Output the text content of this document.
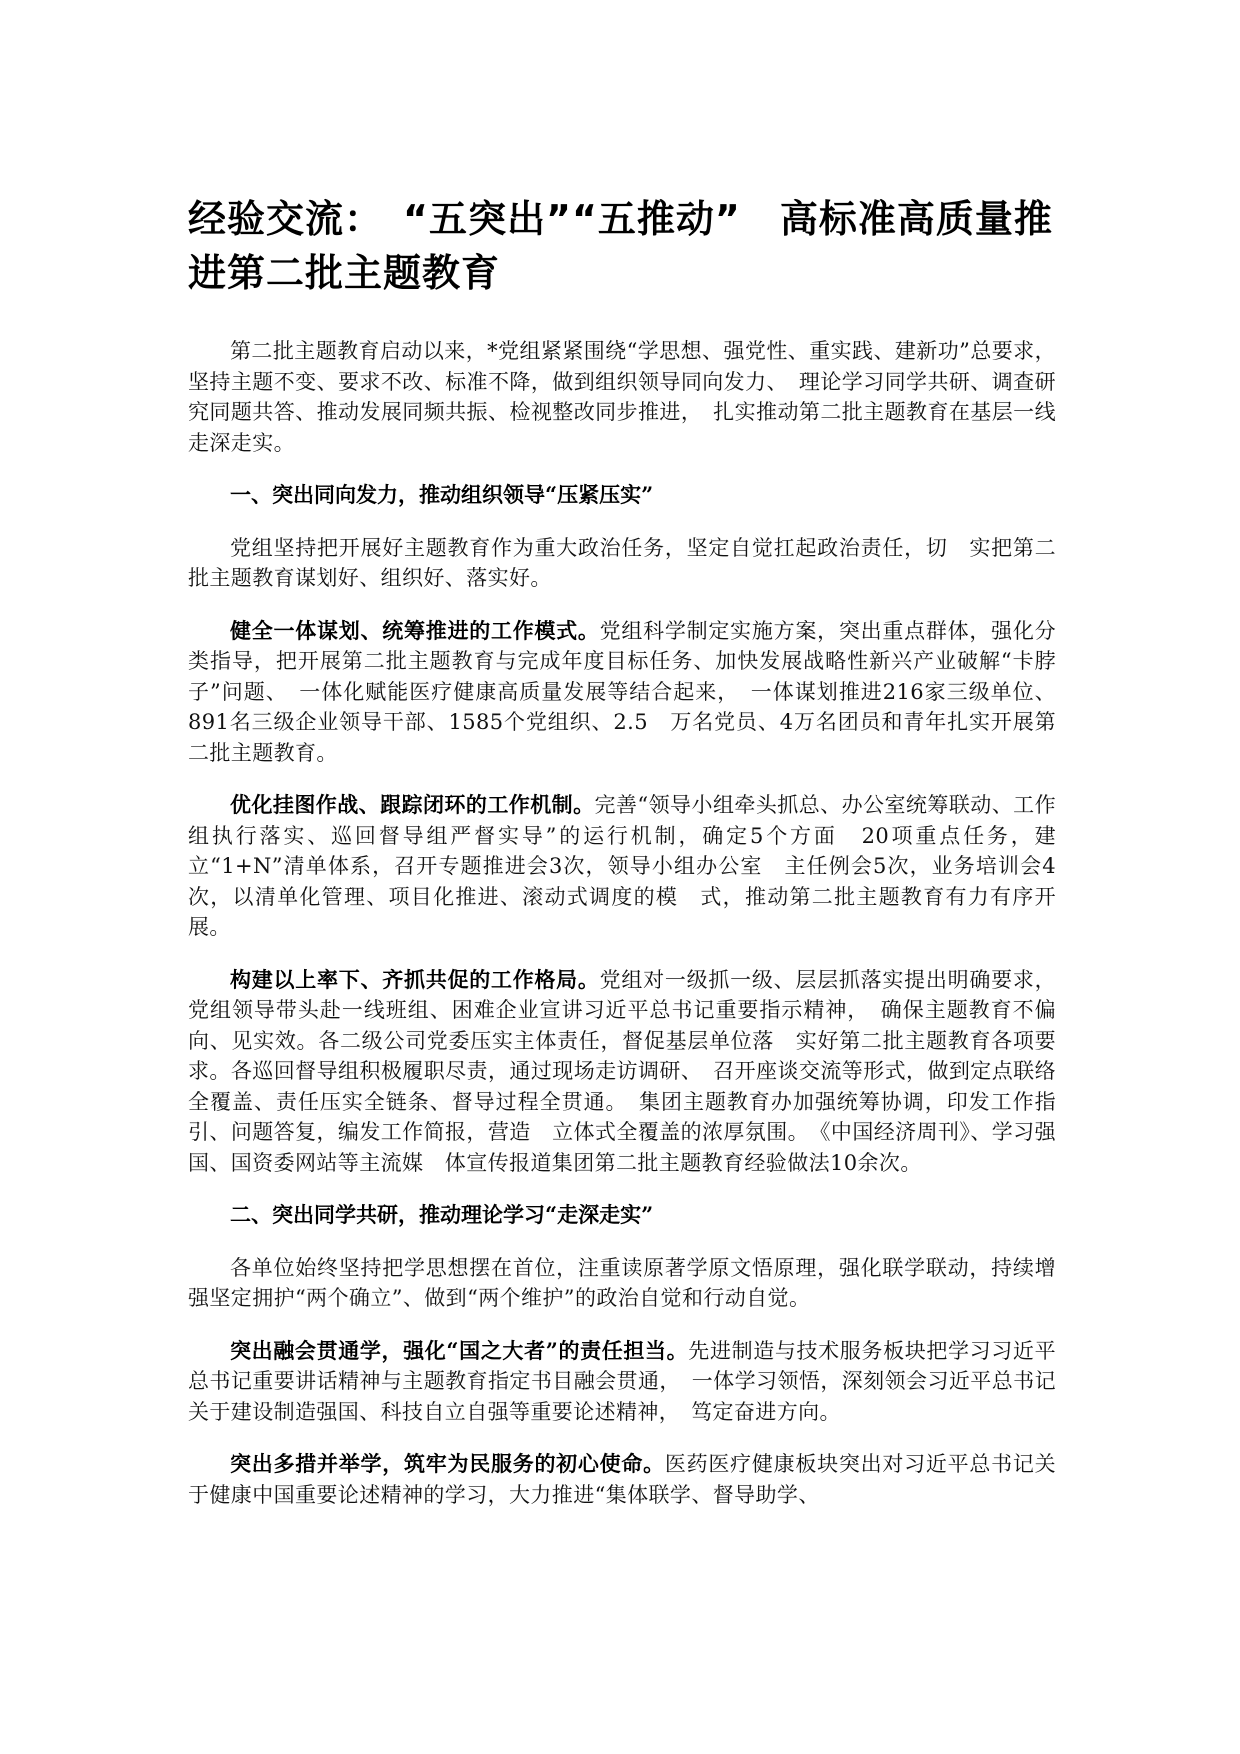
经验交流：　“五突出”“五推动”　高标准高质量推进第二批主题教育

第二批主题教育启动以来，*党组紧紧围绕“学思想、强党性、重实践、建新功”总要求，坚持主题不变、要求不改、标准不降，做到组织领导同向发力、　理论学习同学共研、调查研究同题共答、推动发展同频共振、检视整改同步推进，　扎实推动第二批主题教育在基层一线走深走实。

一、突出同向发力，推动组织领导“压紧压实”

党组坚持把开展好主题教育作为重大政治任务，坚定自觉扛起政治责任，切　实把第二批主题教育谋划好、组织好、落实好。

健全一体谋划、统筹推进的工作模式。党组科学制定实施方案，突出重点群体，强化分类指导，把开展第二批主题教育与完成年度目标任务、加快发展战略性新兴产业破解“卡脖子”问题、　一体化赋能医疗健康高质量发展等结合起来，　一体谋划推进216家三级单位、891名三级企业领导干部、1585个党组织、2.5　万名党员、4万名团员和青年扎实开展第二批主题教育。

优化挂图作战、跟踪闭环的工作机制。完善“领导小组牵头抓总、办公室统筹联动、工作组执行落实、巡回督导组严督实导”的运行机制，确定5个方面　20项重点任务，建立“1+N”清单体系，召开专题推进会3次，领导小组办公室　主任例会5次，业务培训会4次，以清单化管理、项目化推进、滚动式调度的模　式，推动第二批主题教育有力有序开展。

构建以上率下、齐抓共促的工作格局。党组对一级抓一级、层层抓落实提出明确要求，党组领导带头赴一线班组、困难企业宣讲习近平总书记重要指示精神，　确保主题教育不偏向、见实效。各二级公司党委压实主体责任，督促基层单位落　实好第二批主题教育各项要求。各巡回督导组积极履职尽责，通过现场走访调研、　召开座谈交流等形式，做到定点联络全覆盖、责任压实全链条、督导过程全贯通。　集团主题教育办加强统筹协调，印发工作指引、问题答复，编发工作简报，营造　立体式全覆盖的浓厚氛围。　《中国经济周刊》、学习强国、国资委网站等主流媒　体宣传报道集团第二批主题教育经验做法10余次。

二、突出同学共研，推动理论学习“走深走实”

各单位始终坚持把学思想摆在首位，注重读原著学原文悟原理，强化联学联动，持续增强坚定拥护“两个确立”、做到“两个维护”的政治自觉和行动自觉。

突出融会贯通学，强化“国之大者”的责任担当。先进制造与技术服务板块把学习习近平总书记重要讲话精神与主题教育指定书目融会贯通，　一体学习领悟，深刻领会习近平总书记关于建设制造强国、科技自立自强等重要论述精神，　笃定奋进方向。

突出多措并举学，筑牢为民服务的初心使命。医药医疗健康板块突出对习近平总书记关于健康中国重要论述精神的学习，大力推进“集体联学、督导助学、
